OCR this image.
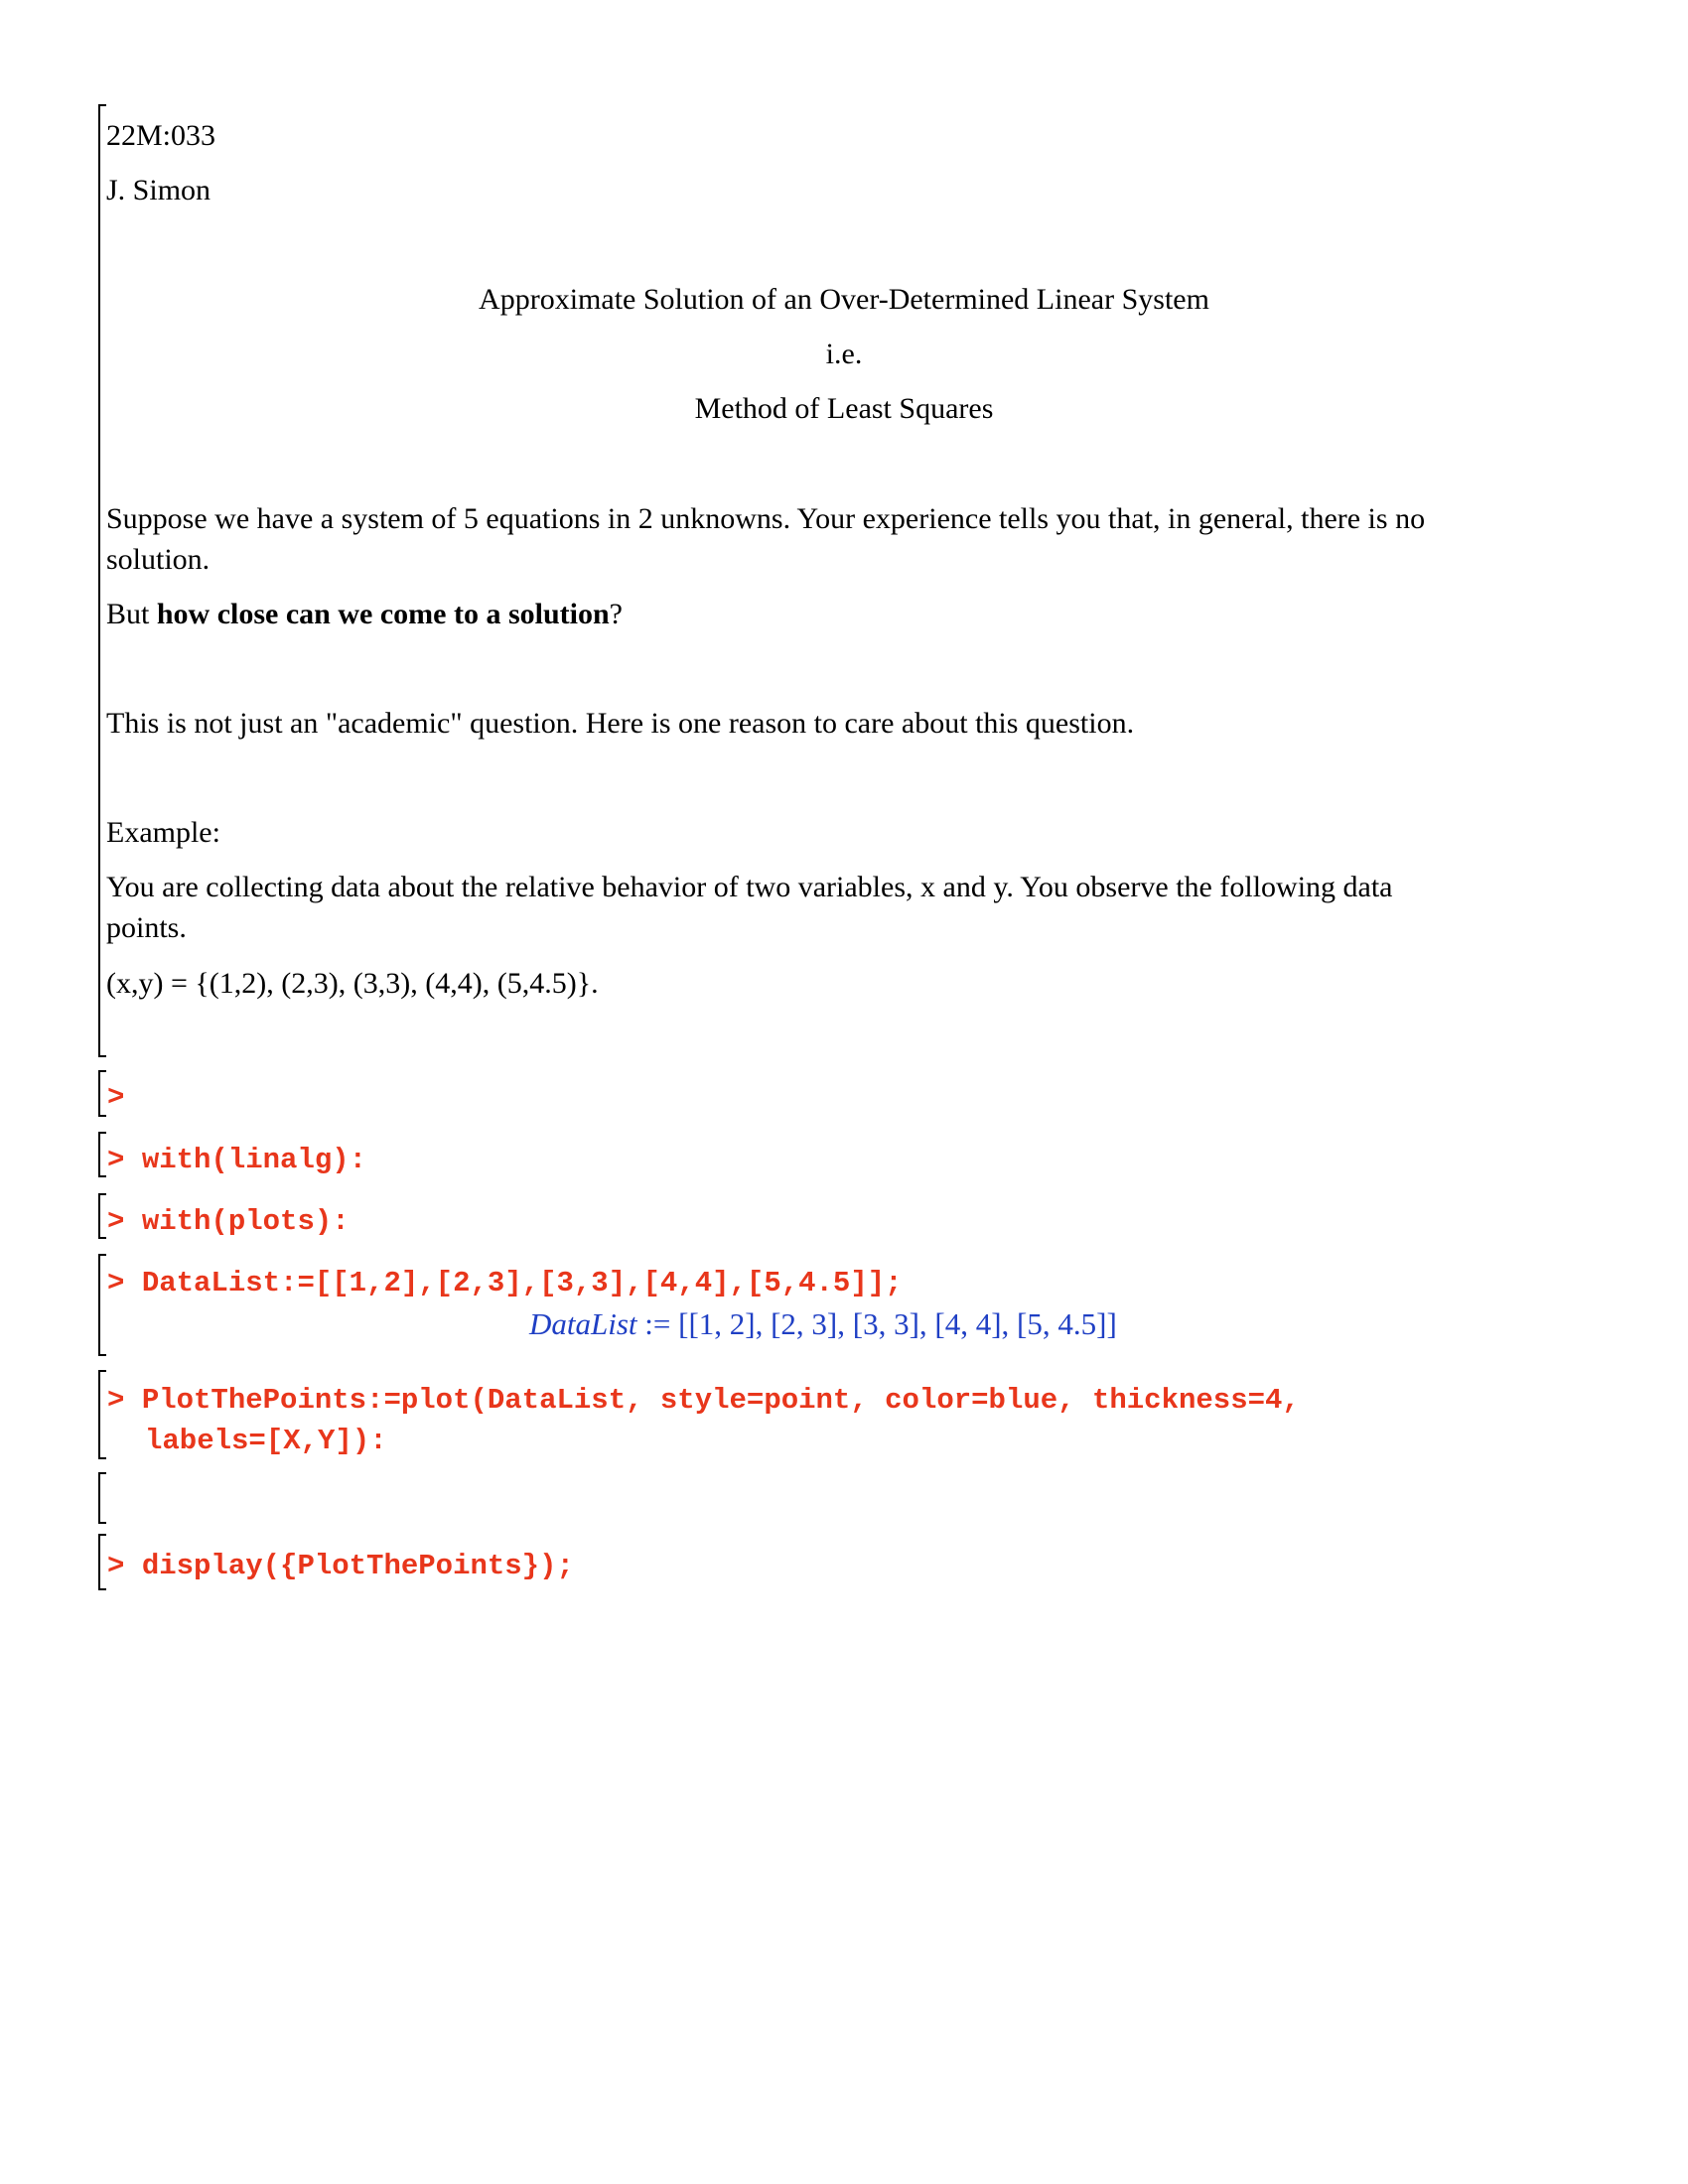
22M:033
J. Simon
Approximate Solution of an Over-Determined Linear System
i.e.
Method of Least Squares
Suppose we have a system of 5 equations in 2 unknowns. Your experience tells you that, in general, there is no
solution.
But how close can we come to a solution?
This is not just an "academic" question. Here is one reason to care about this question.
Example:
You are collecting data about the relative behavior of two variables, x and y. You observe the following data
points.
(x,y) = {(1,2), (2,3), (3,3), (4,4), (5,4.5)}.
>
> with(linalg):
> with(plots):
> DataList:=[[1,2],[2,3],[3,3],[4,4],[5,4.5]];
DataList := [[1, 2], [2, 3], [3, 3], [4, 4], [5, 4.5]]
> PlotThePoints:=plot(DataList, style=point, color=blue, thickness=4,
labels=[X,Y]):
> display({PlotThePoints});
